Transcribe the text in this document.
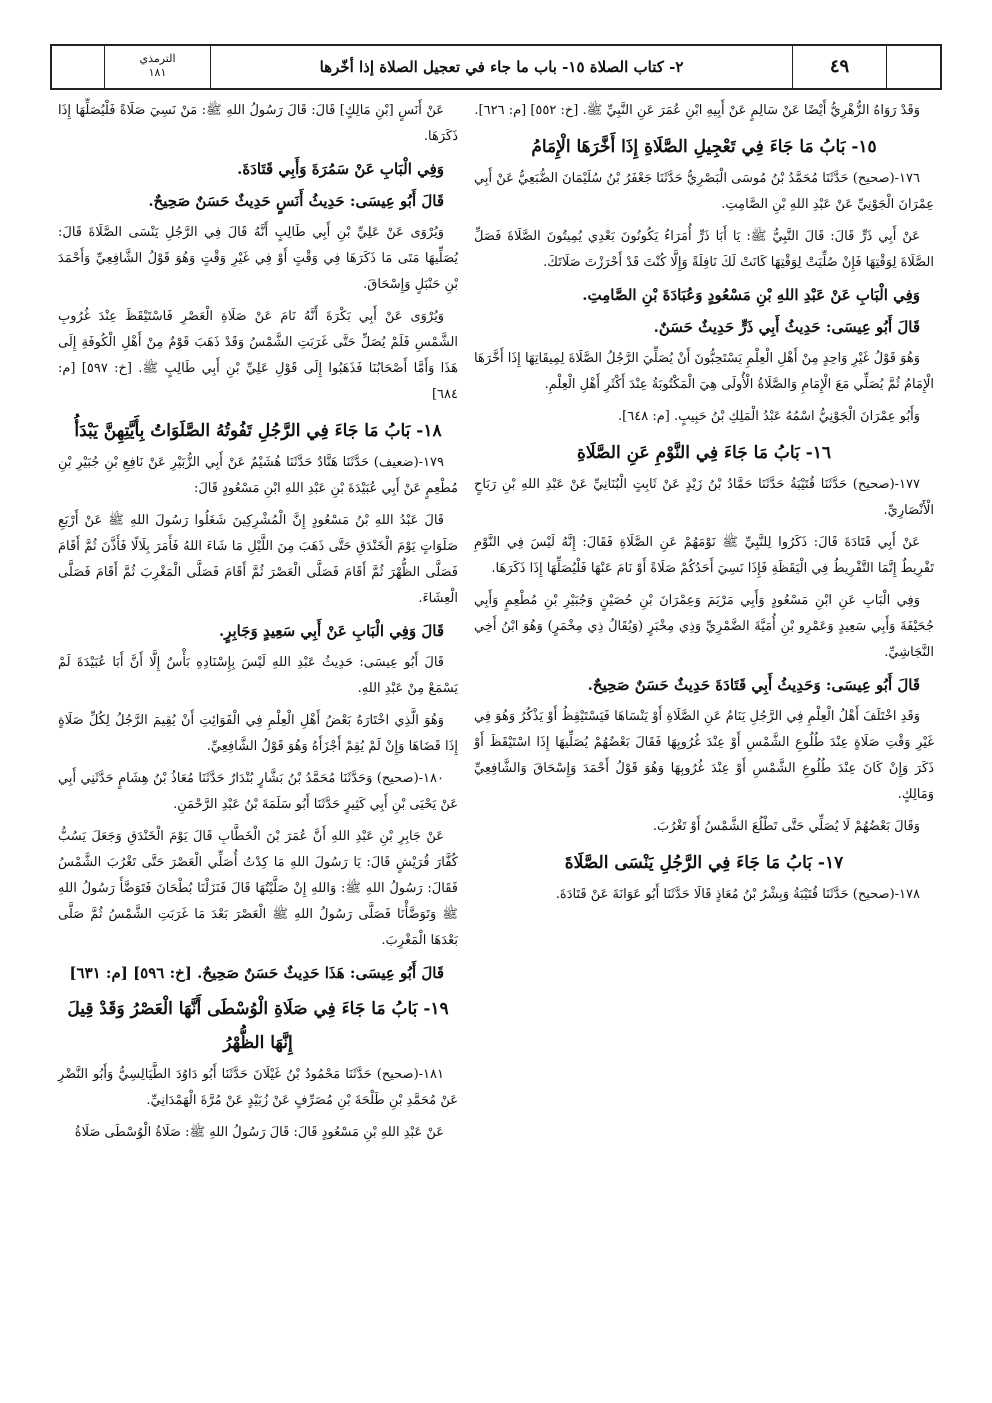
الترمذي
١٨١	٢- كتاب الصلاة ١٥- باب ما جاء في تعجيل الصلاة إذا أخّرها	٤٩

وَقَدْ رَوَاهُ الزُّهْرِيُّ أَيْضًا عَنْ سَالِمٍ عَنْ أَبِيهِ ابْنِ عُمَرَ عَنِ النَّبِيِّ ﷺ. [خ: ٥٥٢] [م: ٦٢٦].

١٥- بَابُ مَا جَاءَ فِي تَعْجِيلِ الصَّلَاةِ إِذَا أَخَّرَهَا الْإِمَامُ

١٧٦-(صحيح) حَدَّثَنَا مُحَمَّدُ بْنُ مُوسَى الْبَصْرِيُّ حَدَّثَنَا جَعْفَرُ بْنُ سُلَيْمَانَ الضُّبَعِيُّ عَنْ أَبِي عِمْرَانَ الْجَوْنِيِّ عَنْ عَبْدِ اللهِ بْنِ الصَّامِتِ.

عَنْ أَبِي ذَرٍّ قَالَ: قَالَ النَّبِيُّ ﷺ: يَا أَبَا ذَرٍّ أُمَرَاءُ يَكُونُونَ بَعْدِي يُمِيتُونَ الصَّلَاةَ فَصَلِّ الصَّلَاةَ لِوَقْتِهَا فَإِنْ صُلِّيَتْ لِوَقْتِهَا كَانَتْ لَكَ نَافِلَةً وَإِلَّا كُنْتَ قَدْ أَحْرَزْتَ صَلَاتَكَ.

وَفِي الْبَابِ عَنْ عَبْدِ اللهِ بْنِ مَسْعُودٍ وَعُبَادَةَ بْنِ الصَّامِتِ.

قَالَ أَبُو عِيسَى: حَدِيثُ أَبِي ذَرٍّ حَدِيثٌ حَسَنٌ.

وَهُوَ قَوْلُ غَيْرِ وَاحِدٍ مِنْ أَهْلِ الْعِلْمِ يَسْتَحِبُّونَ أَنْ يُصَلِّيَ الرَّجُلُ الصَّلَاةَ لِمِيقَاتِهَا إِذَا أَخَّرَهَا الْإِمَامُ ثُمَّ يُصَلِّي مَعَ الْإِمَامِ وَالصَّلَاةُ الْأُولَى هِيَ الْمَكْتُوبَةُ عِنْدَ أَكْثَرِ أَهْلِ الْعِلْمِ.

وَأَبُو عِمْرَانَ الْجَوْنِيُّ اسْمُهُ عَبْدُ الْمَلِكِ بْنُ حَبِيبٍ. [م: ٦٤٨].

١٦- بَابُ مَا جَاءَ فِي النَّوْمِ عَنِ الصَّلَاةِ

١٧٧-(صحيح) حَدَّثَنَا قُتَيْبَةُ حَدَّثَنَا حَمَّادُ بْنُ زَيْدٍ عَنْ ثَابِتٍ الْبُنَانِيِّ عَنْ عَبْدِ اللهِ بْنِ رَبَاحٍ الْأَنْصَارِيِّ.

عَنْ أَبِي قَتَادَةَ قَالَ: ذَكَرُوا لِلنَّبِيِّ ﷺ نَوْمَهُمْ عَنِ الصَّلَاةِ فَقَالَ: إِنَّهُ لَيْسَ فِي النَّوْمِ تَفْرِيطٌ إِنَّمَا التَّفْرِيطُ فِي الْيَقَظَةِ فَإِذَا نَسِيَ أَحَدُكُمْ صَلَاةً أَوْ نَامَ عَنْهَا فَلْيُصَلِّهَا إِذَا ذَكَرَهَا.

وَفِي الْبَابِ عَنِ ابْنِ مَسْعُودٍ وَأَبِي مَرْيَمَ وَعِمْرَانَ بْنِ حُصَيْنٍ وَجُبَيْرِ بْنِ مُطْعِمٍ وَأَبِي جُحَيْفَةَ وَأَبِي سَعِيدٍ وَعَمْرِو بْنِ أُمَيَّةَ الضَّمْرِيِّ وَذِي مِخْبَرٍ (وَيُقَالُ ذِي مِخْمَرٍ) وَهُوَ ابْنُ أَخِي النَّجَاشِيِّ.

قَالَ أَبُو عِيسَى: وَحَدِيثُ أَبِي قَتَادَةَ حَدِيثٌ حَسَنٌ صَحِيحٌ.

وَقَدِ اخْتَلَفَ أَهْلُ الْعِلْمِ فِي الرَّجُلِ يَنَامُ عَنِ الصَّلَاةِ أَوْ يَنْسَاهَا فَيَسْتَيْقِظُ أَوْ يَذْكُرُ وَهُوَ فِي غَيْرِ وَقْتِ صَلَاةٍ عِنْدَ طُلُوعِ الشَّمْسِ أَوْ عِنْدَ غُرُوبِهَا فَقَالَ بَعْضُهُمْ يُصَلِّيهَا إِذَا اسْتَيْقَظَ أَوْ ذَكَرَ وَإِنْ كَانَ عِنْدَ طُلُوعِ الشَّمْسِ أَوْ عِنْدَ غُرُوبِهَا وَهُوَ قَوْلُ أَحْمَدَ وَإِسْحَاقَ وَالشَّافِعِيِّ وَمَالِكٍ.

وَقَالَ بَعْضُهُمْ لَا يُصَلِّي حَتَّى تَطْلُعَ الشَّمْسُ أَوْ تَغْرُبَ.

١٧- بَابُ مَا جَاءَ فِي الرَّجُلِ يَنْسَى الصَّلَاةَ

١٧٨-(صحيح) حَدَّثَنَا قُتَيْبَةُ وَبِشْرُ بْنُ مُعَاذٍ قَالَا حَدَّثَنَا أَبُو عَوَانَةَ عَنْ قَتَادَةَ.

عَنْ أَنَسٍ [بْنِ مَالِكٍ] قَالَ: قَالَ رَسُولُ اللهِ ﷺ: مَنْ نَسِيَ صَلَاةً فَلْيُصَلِّهَا إِذَا ذَكَرَهَا.

وَفِي الْبَابِ عَنْ سَمُرَةَ وَأَبِي قَتَادَةَ.

قَالَ أَبُو عِيسَى: حَدِيثُ أَنَسٍ حَدِيثٌ حَسَنٌ صَحِيحٌ.

وَيُرْوَى عَنْ عَلِيِّ بْنِ أَبِي طَالِبٍ أَنَّهُ قَالَ فِي الرَّجُلِ يَنْسَى الصَّلَاةَ قَالَ: يُصَلِّيهَا مَتَى مَا ذَكَرَهَا فِي وَقْتٍ أَوْ فِي غَيْرِ وَقْتٍ وَهُوَ قَوْلُ الشَّافِعِيِّ وَأَحْمَدَ بْنِ حَنْبَلٍ وَإِسْحَاقَ.

وَيُرْوَى عَنْ أَبِي بَكْرَةَ أَنَّهُ نَامَ عَنْ صَلَاةِ الْعَصْرِ فَاسْتَيْقَظَ عِنْدَ غُرُوبِ الشَّمْسِ فَلَمْ يُصَلِّ حَتَّى غَرَبَتِ الشَّمْسُ وَقَدْ ذَهَبَ قَوْمٌ مِنْ أَهْلِ الْكُوفَةِ إِلَى هَذَا وَأَمَّا أَصْحَابُنَا فَذَهَبُوا إِلَى قَوْلِ عَلِيِّ بْنِ أَبِي طَالِبٍ ﷺ. [خ: ٥٩٧] [م: ٦٨٤]

١٨- بَابُ مَا جَاءَ فِي الرَّجُلِ تَفُوتُهُ الصَّلَوَاتُ بِأَيَّتِهِنَّ يَبْدَأُ

١٧٩-(ضعيف) حَدَّثَنَا هَنَّادٌ حَدَّثَنَا هُشَيْمٌ عَنْ أَبِي الزُّبَيْرِ عَنْ نَافِعِ بْنِ جُبَيْرِ بْنِ مُطْعِمٍ عَنْ أَبِي عُبَيْدَةَ بْنِ عَبْدِ اللهِ ابْنِ مَسْعُودٍ قَالَ:

قَالَ عَبْدُ اللهِ بْنُ مَسْعُودٍ إِنَّ الْمُشْرِكِينَ شَغَلُوا رَسُولَ اللهِ ﷺ عَنْ أَرْبَعِ صَلَوَاتٍ يَوْمَ الْخَنْدَقِ حَتَّى ذَهَبَ مِنَ اللَّيْلِ مَا شَاءَ اللهُ فَأَمَرَ بِلَالًا فَأَذَّنَ ثُمَّ أَقَامَ فَصَلَّى الظُّهْرَ ثُمَّ أَقَامَ فَصَلَّى الْعَصْرَ ثُمَّ أَقَامَ فَصَلَّى الْمَغْرِبَ ثُمَّ أَقَامَ فَصَلَّى الْعِشَاءَ.

قَالَ وَفِي الْبَابِ عَنْ أَبِي سَعِيدٍ وَجَابِرٍ.

قَالَ أَبُو عِيسَى: حَدِيثُ عَبْدِ اللهِ لَيْسَ بِإِسْنَادِهِ بَأْسٌ إِلَّا أَنَّ أَبَا عُبَيْدَةَ لَمْ يَسْمَعْ مِنْ عَبْدِ اللهِ.

وَهُوَ الَّذِي اخْتَارَهُ بَعْضُ أَهْلِ الْعِلْمِ فِي الْفَوَائِتِ أَنْ يُقِيمَ الرَّجُلُ لِكُلِّ صَلَاةٍ إِذَا قَضَاهَا وَإِنْ لَمْ يُقِمْ أَجْزَأَهُ وَهُوَ قَوْلُ الشَّافِعِيِّ.

١٨٠-(صحيح) وَحَدَّثَنَا مُحَمَّدُ بْنُ بَشَّارٍ بُنْدَارٌ حَدَّثَنَا مُعَاذُ بْنُ هِشَامٍ حَدَّثَنِي أَبِي عَنْ يَحْيَى بْنِ أَبِي كَثِيرٍ حَدَّثَنَا أَبُو سَلَمَةَ بْنُ عَبْدِ الرَّحْمَنِ.

عَنْ جَابِرِ بْنِ عَبْدِ اللهِ أَنَّ عُمَرَ بْنَ الْخَطَّابِ قَالَ يَوْمَ الْخَنْدَقِ وَجَعَلَ يَسُبُّ كُفَّارَ قُرَيْشٍ قَالَ: يَا رَسُولَ اللهِ مَا كِدْتُ أُصَلِّي الْعَصْرَ حَتَّى تَغْرُبَ الشَّمْسُ فَقَالَ: رَسُولُ اللهِ ﷺ: وَاللهِ إِنْ صَلَّيْتُهَا قَالَ فَنَزَلْنَا بُطْحَانَ فَتَوَضَّأَ رَسُولُ اللهِ ﷺ وَتَوَضَّأْنَا فَصَلَّى رَسُولُ اللهِ ﷺ الْعَصْرَ بَعْدَ مَا غَرَبَتِ الشَّمْسُ ثُمَّ صَلَّى بَعْدَهَا الْمَغْرِبَ.

قَالَ أَبُو عِيسَى: هَذَا حَدِيثٌ حَسَنٌ صَحِيحٌ. [خ: ٥٩٦] [م: ٦٣١]

١٩- بَابُ مَا جَاءَ فِي صَلَاةِ الْوُسْطَى أَنَّهَا الْعَصْرُ وَقَدْ قِيلَ إِنَّهَا الظُّهْرُ

١٨١-(صحيح) حَدَّثَنَا مَحْمُودُ بْنُ غَيْلَانَ حَدَّثَنَا أَبُو دَاوُدَ الطَّيَالِسِيُّ وَأَبُو النَّضْرِ عَنْ مُحَمَّدِ بْنِ طَلْحَةَ بْنِ مُصَرِّفٍ عَنْ زُبَيْدٍ عَنْ مُرَّةَ الْهَمْدَانِيِّ.

عَنْ عَبْدِ اللهِ بْنِ مَسْعُودٍ قَالَ: قَالَ رَسُولُ اللهِ ﷺ: صَلَاةُ الْوُسْطَى صَلَاةُ
